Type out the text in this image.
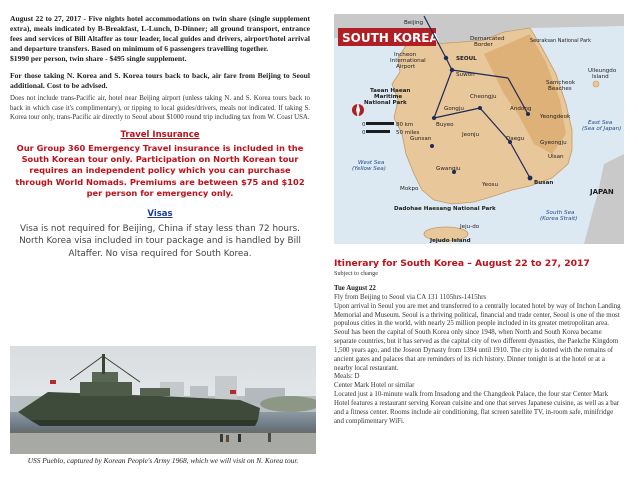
August 22 to 27, 2017 - Five nights hotel accommodations on twin share (single supplement extra), meals indicated by B-Breakfast, L-Lunch, D-Dinner; all ground transport, entrance fees and services of Bill Altaffer as tour leader, local guides and drivers, airport/hotel arrival and departure transfers. Based on minimum of 6 passengers travelling together.

$1990 per person, twin share - $495 single supplement.

For those taking N. Korea and S. Korea tours back to back, air fare from Beijing to Seoul additional. Cost to be advised.

Does not include trans-Pacific air, hotel near Beijing airport (unless taking N. and S. Korea tours back to back in which case it's complimentary), or tipping to local guides/drivers, meals not indicated. If taking S. Korea tour only, trans-Pacific air directly to Seoul about $1000 round trip including tax from W. Coast USA.

Travel Insurance
Our Group 360 Emergency Travel insurance is included in the South Korean tour only. Participation on North Korean tour requires an independent policy which you can purchase through World Nomads. Premiums are between $75 and $102 per person for emergency only.
Visas
Visa is not required for Beijing, China if stay less than 72 hours. North Korea visa included in tour package and is handled by Bill Altaffer. No visa required for South Korea.
USS Pueblo, captured by Korean People's Army 1968, which we will visit on N. Korea tour.
SOUTH KOREA
Beijing
Demarcated
Border
Seoraksan National Park
Ulleungdo
Island
Incheon
International
Airport
SEOUL
Suwon
Samcheok
Beaches
Taean Haean
Maritime
National Park
Cheongju
Gongju
Buyeo
Andong
Yeongdeok
Daegu
Gyeongju
Ulsan
Jeonju
Gunsan
Gwangju
Yeosu	Busan
Mokpo
West Sea
(Yellow Sea)
East Sea
(Sea of Japan)
South Sea
(Korea Strait)
JAPAN
Dadohae Haesang National Park
Jeju-do
Jejudo Island
0	80 km
0	50 miles
Itinerary for South Korea – August 22 to 27, 2017
Subject to change
Tue August 22
Fly from Beijing to Seoul via CA 131 1105hrs-1415hrs
Upon arrival in Seoul you are met and transferred to a centrally located hotel by way of Inchon Landing Memorial and Museum. Seoul is a thriving political, financial and trade center, Seoul is one of the most populous cities in the world, with nearly 25 million people included in its greater metropolitan area. Seoul has been the capital of South Korea only since 1948, when North and South Korea became separate countries, but it has served as the capital city of two different dynasties, the Paekche Kingdom 1,500 years ago, and the Joseon Dynasty from 1394 until 1910. The city is dotted with the remains of ancient gates and palaces that are reminders of its rich history. Dinner tonight is at the hotel or at a nearby local restaurant.
Meals: D
Center Mark Hotel or similar
Located just a 10-minute walk from Insadong and the Changdeok Palace, the four star Center Mark Hotel features a restaurant serving Korean cuisine and one that serves Japanese cuisine, as well as a bar and a fitness center. Rooms include air conditioning, flat screen satellite TV, in-room safe, minifridge and complimentary WiFi.
